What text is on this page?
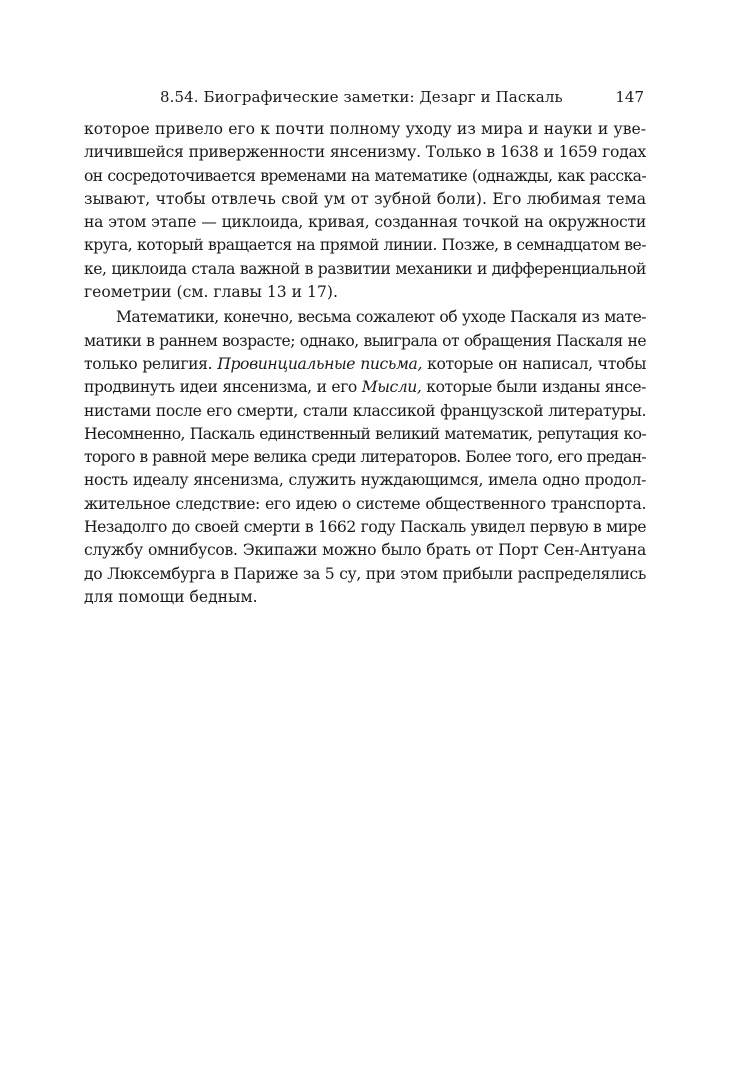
8.54. Биографические заметки: Дезарг и Паскаль	147
которое привело его к почти полному уходу из мира и науки и уве-
личившейся приверженности янсенизму. Только в 1638 и 1659 годах
он сосредоточивается временами на математике (однажды, как расска-
зывают, чтобы отвлечь свой ум от зубной боли). Его любимая тема
на этом этапе — циклоида, кривая, созданная точкой на окружности
круга, который вращается на прямой линии. Позже, в семнадцатом ве-
ке, циклоида стала важной в развитии механики и дифференциальной
геометрии (см. главы 13 и 17).
Математики, конечно, весьма сожалеют об уходе Паскаля из мате-
матики в раннем возрасте; однако, выиграла от обращения Паскаля не
только религия. Провинциальные письма, которые он написал, чтобы
продвинуть идеи янсенизма, и его Мысли, которые были изданы янсе-
нистами после его смерти, стали классикой французской литературы.
Несомненно, Паскаль единственный великий математик, репутация ко-
торого в равной мере велика среди литераторов. Более того, его предан-
ность идеалу янсенизма, служить нуждающимся, имела одно продол-
жительное следствие: его идею о системе общественного транспорта.
Незадолго до своей смерти в 1662 году Паскаль увидел первую в мире
службу омнибусов. Экипажи можно было брать от Порт Сен-Антуана
до Люксембурга в Париже за 5 су, при этом прибыли распределялись
для помощи бедным.
